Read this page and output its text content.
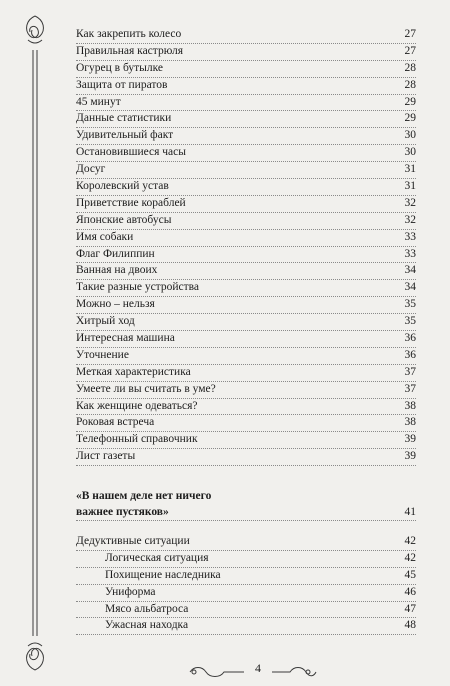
Как закрепить колесо	27
Правильная кастрюля	27
Огурец в бутылке	28
Защита от пиратов	28
45 минут	29
Данные статистики	29
Удивительный факт	30
Остановившиеся часы	30
Досуг	31
Королевский устав	31
Приветствие кораблей	32
Японские автобусы	32
Имя собаки	33
Флаг Филиппин	33
Ванная на двоих	34
Такие разные устройства	34
Можно – нельзя	35
Хитрый ход	35
Интересная машина	36
Уточнение	36
Меткая характеристика	37
Умеете ли вы считать в уме?	37
Как женщине одеваться?	38
Роковая встреча	38
Телефонный справочник	39
Лист газеты	39
«В нашем деле нет ничего
важнее пустяков»	41
Дедуктивные ситуации	42
Логическая ситуация	42
Похищение наследника	45
Униформа	46
Мясо альбатроса	47
Ужасная находка	48
4
